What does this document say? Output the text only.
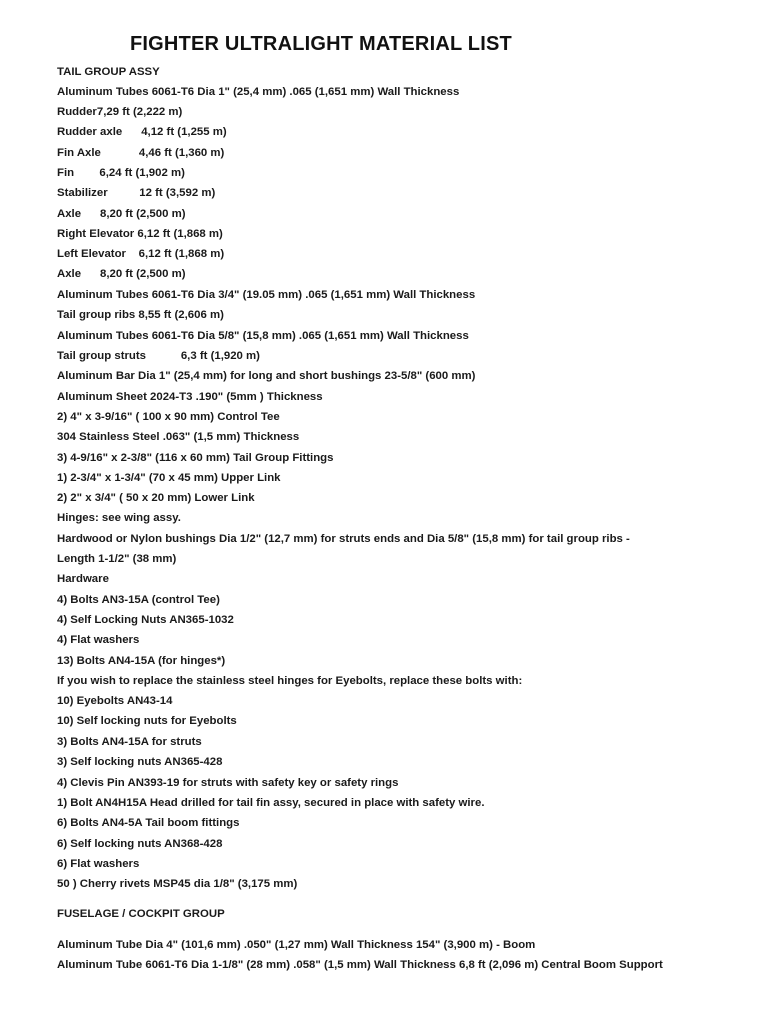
FIGHTER ULTRALIGHT MATERIAL LIST
TAIL GROUP ASSY
Aluminum Tubes 6061-T6 Dia 1" (25,4 mm) .065 (1,651 mm) Wall Thickness
Rudder7,29 ft (2,222 m)
Rudder axle      4,12 ft (1,255 m)
Fin Axle            4,46 ft (1,360 m)
Fin        6,24 ft (1,902 m)
Stabilizer          12 ft (3,592 m)
Axle      8,20 ft (2,500 m)
Right Elevator 6,12 ft (1,868 m)
Left Elevator    6,12 ft (1,868 m)
Axle      8,20 ft (2,500 m)
Aluminum Tubes 6061-T6 Dia 3/4" (19.05 mm) .065 (1,651 mm) Wall Thickness
Tail group ribs 8,55 ft (2,606 m)
Aluminum Tubes 6061-T6 Dia 5/8" (15,8 mm) .065 (1,651 mm) Wall Thickness
Tail group struts           6,3 ft (1,920 m)
Aluminum Bar Dia 1" (25,4 mm) for long and short bushings 23-5/8" (600 mm)
Aluminum Sheet 2024-T3 .190" (5mm ) Thickness
2) 4" x 3-9/16" ( 100 x 90 mm) Control Tee
304 Stainless Steel .063" (1,5 mm) Thickness
3) 4-9/16" x 2-3/8" (116 x 60 mm) Tail Group Fittings
1) 2-3/4" x 1-3/4" (70 x 45 mm) Upper Link
2) 2" x 3/4" ( 50 x 20 mm) Lower Link
Hinges: see wing assy.
Hardwood or Nylon bushings Dia 1/2" (12,7 mm) for struts ends and Dia 5/8" (15,8 mm) for tail group ribs -
Length 1-1/2" (38 mm)
Hardware
4) Bolts AN3-15A (control Tee)
4) Self Locking Nuts AN365-1032
4) Flat washers
13) Bolts AN4-15A (for hinges*)
If you wish to replace the stainless steel hinges for Eyebolts, replace these bolts with:
10) Eyebolts AN43-14
10) Self locking nuts for Eyebolts
3) Bolts AN4-15A for struts
3) Self locking nuts AN365-428
4) Clevis Pin AN393-19 for struts with safety key or safety rings
1) Bolt AN4H15A Head drilled for tail fin assy, secured in place with safety wire.
6) Bolts AN4-5A Tail boom fittings
6) Self locking nuts AN368-428
6) Flat washers
50 ) Cherry rivets MSP45 dia 1/8" (3,175 mm)
FUSELAGE / COCKPIT GROUP
Aluminum Tube Dia 4" (101,6 mm) .050" (1,27 mm) Wall Thickness 154" (3,900 m) - Boom
Aluminum Tube 6061-T6 Dia 1-1/8" (28 mm) .058" (1,5 mm) Wall Thickness 6,8 ft (2,096 m) Central Boom Support
